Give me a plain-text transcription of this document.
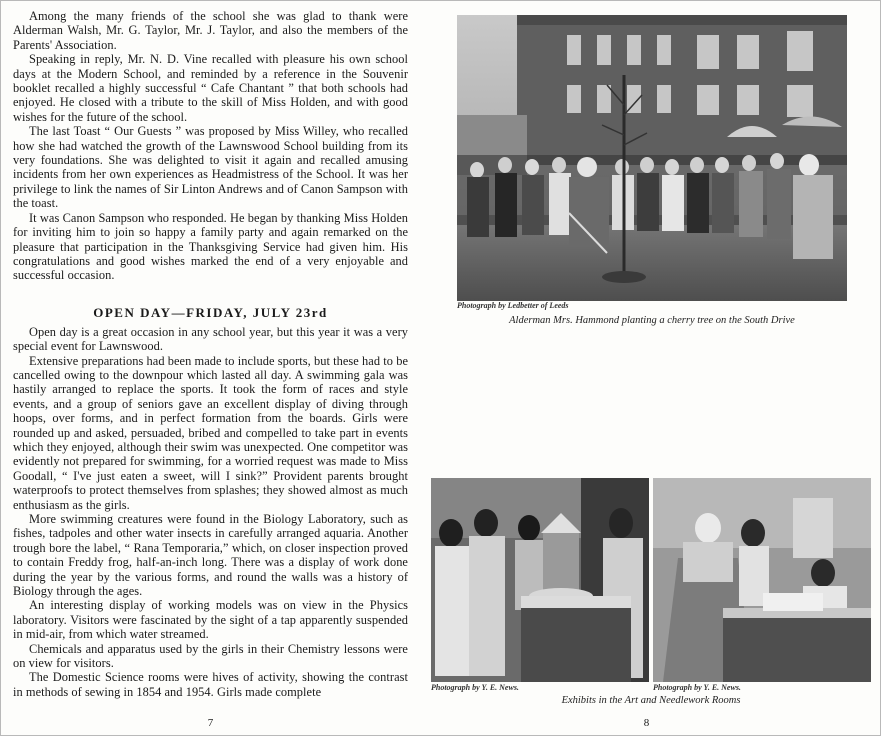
Among the many friends of the school she was glad to thank were Alderman Walsh, Mr. G. Taylor, Mr. J. Taylor, and also the members of the Parents' Association.

Speaking in reply, Mr. N. D. Vine recalled with pleasure his own school days at the Modern School, and reminded by a reference in the Souvenir booklet recalled a highly successful “ Cafe Chantant ” that both schools had enjoyed. He closed with a tribute to the skill of Miss Holden, and with good wishes for the future of the school.

The last Toast “ Our Guests ” was proposed by Miss Willey, who recalled how she had watched the growth of the Lawnswood School building from its very foundations. She was delighted to visit it again and recalled amusing incidents from her own experiences as Headmistress of the School. It was her privilege to link the names of Sir Linton Andrews and of Canon Sampson with the toast.

It was Canon Sampson who responded. He began by thanking Miss Holden for inviting him to join so happy a family party and again remarked on the pleasure that participation in the Thanksgiving Service had given him. His congratulations and good wishes marked the end of a very enjoyable and successful occasion.

OPEN DAY—FRIDAY, JULY 23rd

Open day is a great occasion in any school year, but this year it was a very special event for Lawnswood.

Extensive preparations had been made to include sports, but these had to be cancelled owing to the downpour which lasted all day. A swimming gala was hastily arranged to replace the sports. It took the form of races and style events, and a group of seniors gave an excellent display of diving through hoops, over forms, and in perfect formation from the boards. Girls were rounded up and asked, persuaded, bribed and compelled to take part in events which they enjoyed, although their swim was unexpected. One competitor was evidently not prepared for swimming, for a worried request was made to Miss Goodall, “ I've just eaten a sweet, will I sink?” Provident parents brought waterproofs to protect themselves from splashes; they showed almost as much enthusiasm as the girls.

More swimming creatures were found in the Biology Laboratory, such as fishes, tadpoles and other water insects in carefully arranged aquaria. Another trough bore the label, “ Rana Temporaria,” which, on closer inspection proved to contain Freddy frog, half-an-inch long. There was a display of work done during the year by the various forms, and round the walls was a history of Biology through the ages.

An interesting display of working models was on view in the Physics laboratory. Visitors were fascinated by the sight of a tap apparently suspended in mid-air, from which water streamed.

Chemicals and apparatus used by the girls in their Chemistry lessons were on view for visitors.

The Domestic Science rooms were hives of activity, showing the contrast in methods of sewing in 1854 and 1954. Girls made complete

7
Photograph by Ledbetter of Leeds
Alderman Mrs. Hammond planting a cherry tree on the South Drive
Photograph by Y. E. News.	Photograph by Y. E. News.
Exhibits in the Art and Needlework Rooms
8
